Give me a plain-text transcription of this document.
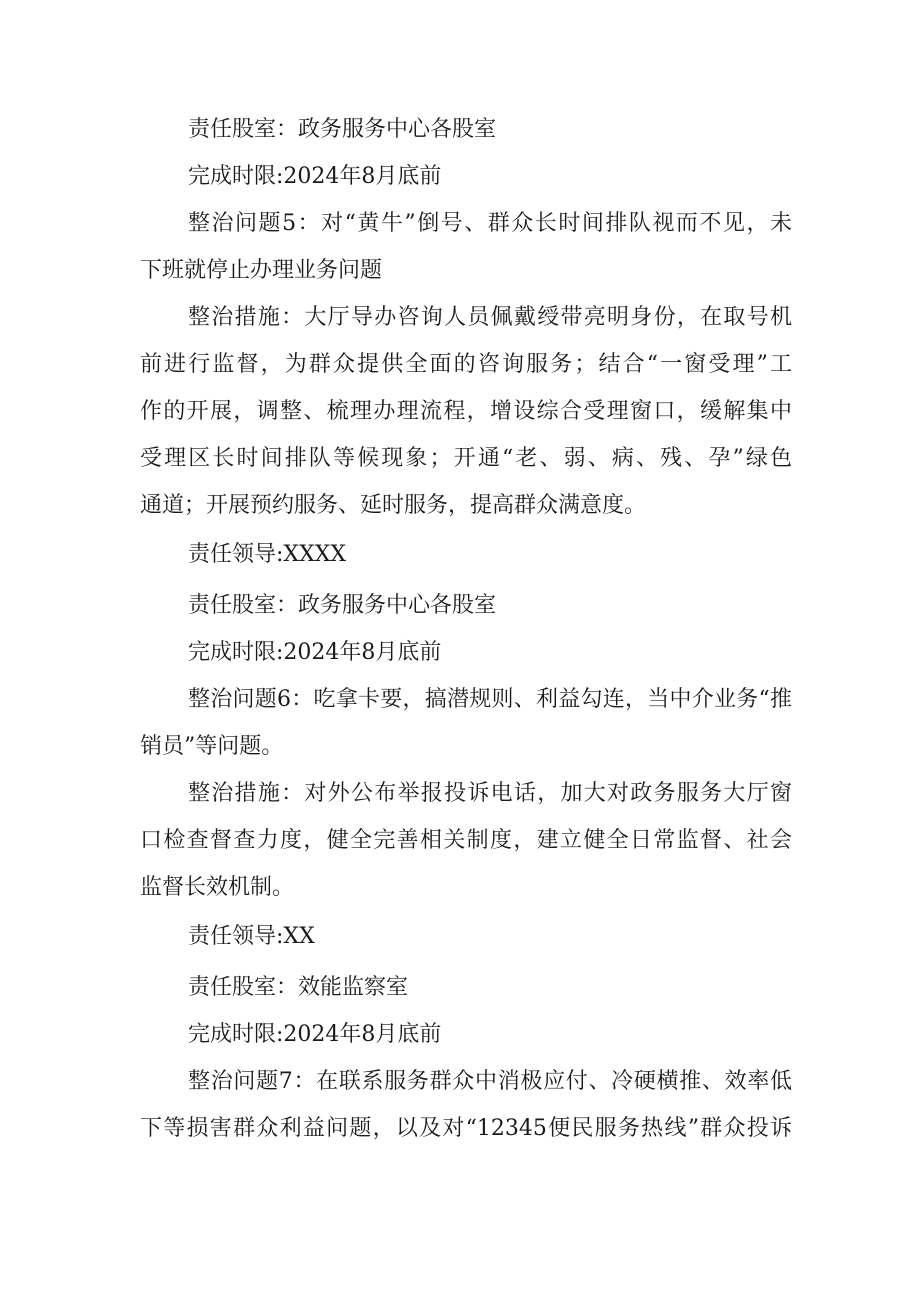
责任股室：政务服务中心各股室
完成时限:2024年8月底前
整治问题5：对“黄牛”倒号、群众长时间排队视而不见，未
下班就停止办理业务问题
整治措施：大厅导办咨询人员佩戴绶带亮明身份，在取号机
前进行监督，为群众提供全面的咨询服务；结合“一窗受理”工
作的开展，调整、梳理办理流程，增设综合受理窗口，缓解集中
受理区长时间排队等候现象；开通“老、弱、病、残、孕”绿色
通道；开展预约服务、延时服务，提高群众满意度。
责任领导:XXXX
责任股室：政务服务中心各股室
完成时限:2024年8月底前
整治问题6：吃拿卡要，搞潜规则、利益勾连，当中介业务“推
销员”等问题。
整治措施：对外公布举报投诉电话，加大对政务服务大厅窗
口检查督查力度，健全完善相关制度，建立健全日常监督、社会
监督长效机制。
责任领导:XX
责任股室：效能监察室
完成时限:2024年8月底前
整治问题7：在联系服务群众中消极应付、冷硬横推、效率低
下等损害群众利益问题，以及对“12345便民服务热线”群众投诉
